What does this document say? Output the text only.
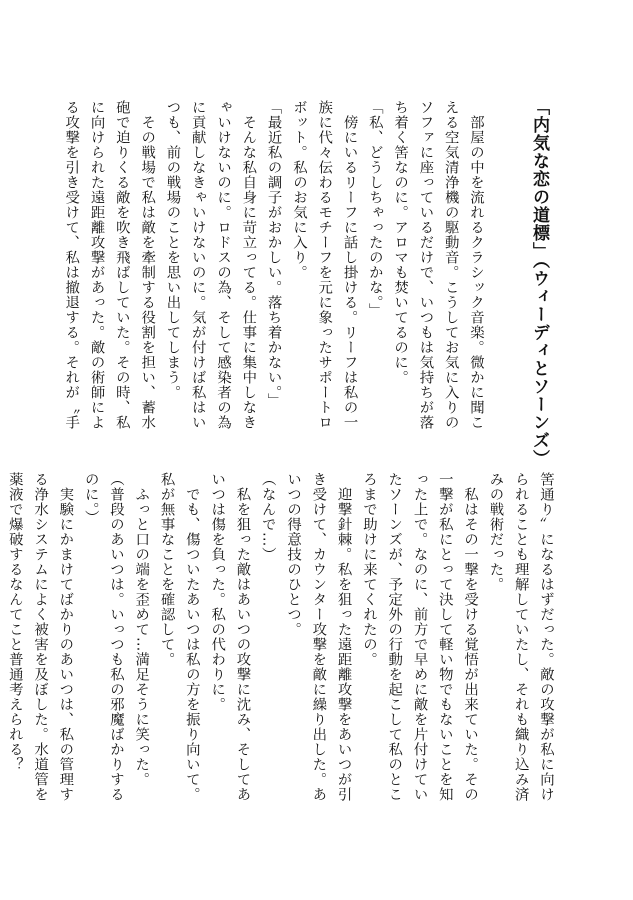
「内気な恋の道標」（ウィーディとソーンズ）
　部屋の中を流れるクラシック音楽。微かに聞こ
える空気清浄機の駆動音。こうしてお気に入りの
ソファに座っているだけで、いつもは気持ちが落
ち着く筈なのに。アロマも焚いてるのに。
「私、どうしちゃったのかな。」
　傍にいるリーフに話し掛ける。リーフは私の一
族に代々伝わるモチーフを元に象ったサポートロ
ボット。私のお気に入り。
「最近私の調子がおかしい。落ち着かない。」
　そんな私自身に苛立ってる。仕事に集中しなき
ゃいけないのに。ロドスの為、そして感染者の為
に貢献しなきゃいけないのに。気が付けば私はい
つも、前の戦場のことを思い出してしまう。
　その戦場で私は敵を牽制する役割を担い、蓄水
砲で迫りくる敵を吹き飛ばしていた。その時、私
に向けられた遠距離攻撃があった。敵の術師によ
る攻撃を引き受けて、私は撤退する。それが〝手
筈通り〟になるはずだった。敵の攻撃が私に向け
られることも理解していたし、それも織り込み済
みの戦術だった。
　私はその一撃を受ける覚悟が出来ていた。その
一撃が私にとって決して軽い物でもないことを知
った上で。なのに、前方で早めに敵を片付けてい
たソーンズが、予定外の行動を起こして私のとこ
ろまで助けに来てくれたの。
　迎撃針棘。私を狙った遠距離攻撃をあいつが引
き受けて、カウンター攻撃を敵に繰り出した。あ
いつの得意技のひとつ。
（なんで…）
　私を狙った敵はあいつの攻撃に沈み、そしてあ
いつは傷を負った。私の代わりに。
　でも、傷ついたあいつは私の方を振り向いて。
私が無事なことを確認して。
　ふっと口の端を歪めて…満足そうに笑った。
（普段のあいつは。いっつも私の邪魔ばかりする
のに。）
　実験にかまけてばかりのあいつは、私の管理す
る浄水システムによく被害を及ぼした。水道管を
薬液で爆破するなんてこと普通考えられる？
